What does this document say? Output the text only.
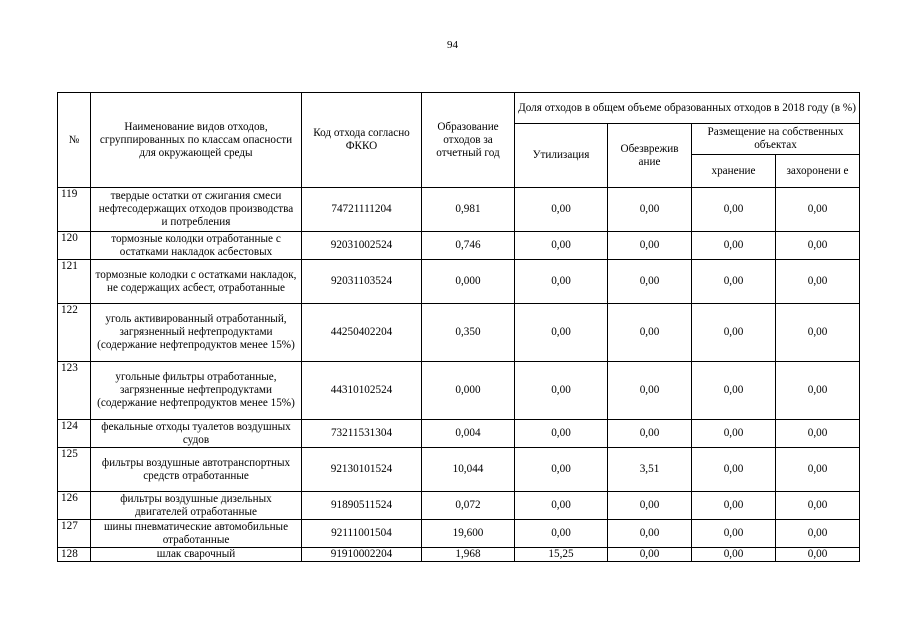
94
№	Наименование видов отходов, сгруппированных по классам опасности для окружающей среды	Код отхода согласно ФККО	Образование отходов за отчетный год	Доля отходов в общем объеме образованных отходов в 2018 году (в %)			
				Утилизация	Обезврежив ание	Размещение на собственных объектах	
						хранение	захоронени е
119	твердые остатки от сжигания смеси нефтесодержащих отходов производства и потребления	74721111204	0,981	0,00	0,00	0,00	0,00
120	тормозные колодки отработанные с остатками накладок асбестовых	92031002524	0,746	0,00	0,00	0,00	0,00
121	тормозные колодки с остатками накладок, не содержащих асбест, отработанные	92031103524	0,000	0,00	0,00	0,00	0,00
122	уголь активированный отработанный, загрязненный нефтепродуктами (содержание нефтепродуктов менее 15%)	44250402204	0,350	0,00	0,00	0,00	0,00
123	угольные фильтры отработанные, загрязненные нефтепродуктами (содержание нефтепродуктов менее 15%)	44310102524	0,000	0,00	0,00	0,00	0,00
124	фекальные отходы туалетов воздушных судов	73211531304	0,004	0,00	0,00	0,00	0,00
125	фильтры воздушные автотранспортных средств отработанные	92130101524	10,044	0,00	3,51	0,00	0,00
126	фильтры воздушные дизельных двигателей отработанные	91890511524	0,072	0,00	0,00	0,00	0,00
127	шины пневматические автомобильные отработанные	92111001504	19,600	0,00	0,00	0,00	0,00
128	шлак сварочный	91910002204	1,968	15,25	0,00	0,00	0,00
